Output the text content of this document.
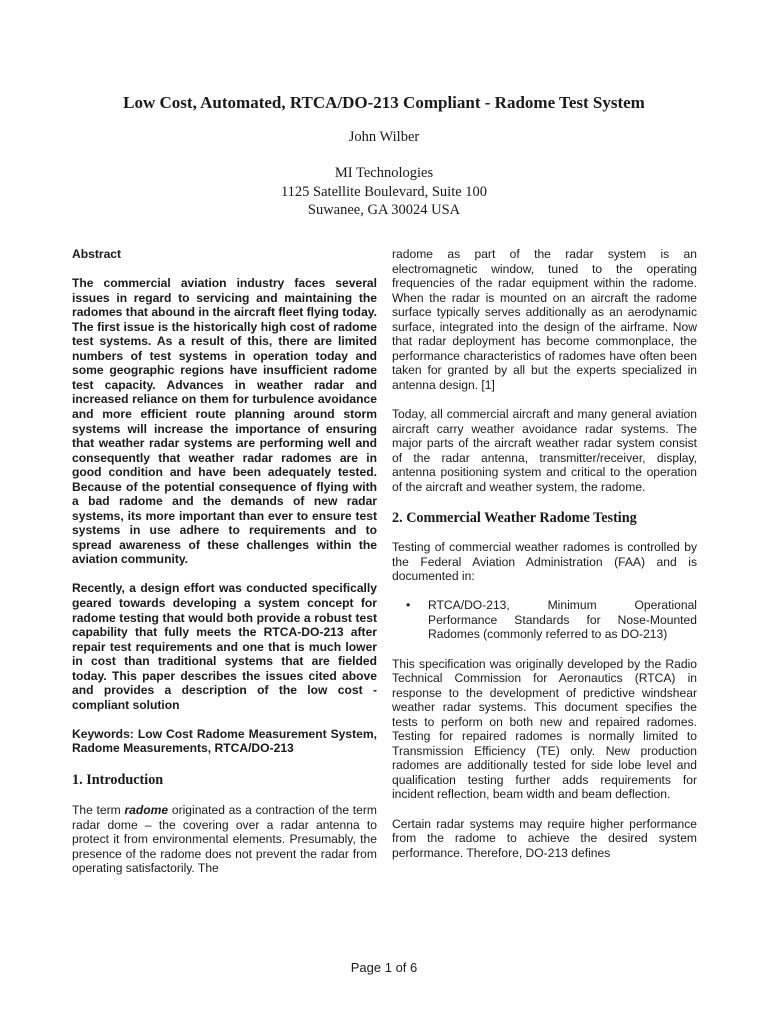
Low Cost, Automated, RTCA/DO-213 Compliant - Radome Test System
John Wilber
MI Technologies
1125 Satellite Boulevard, Suite 100
Suwanee, GA 30024 USA

Abstract

The commercial aviation industry faces several issues in regard to servicing and maintaining the radomes that abound in the aircraft fleet flying today. The first issue is the historically high cost of radome test systems. As a result of this, there are limited numbers of test systems in operation today and some geographic regions have insufficient radome test capacity. Advances in weather radar and increased reliance on them for turbulence avoidance and more efficient route planning around storm systems will increase the importance of ensuring that weather radar systems are performing well and consequently that weather radar radomes are in good condition and have been adequately tested. Because of the potential consequence of flying with a bad radome and the demands of new radar systems, its more important than ever to ensure test systems in use adhere to requirements and to spread awareness of these challenges within the aviation community.

Recently, a design effort was conducted specifically geared towards developing a system concept for radome testing that would both provide a robust test capability that fully meets the RTCA-DO-213 after repair test requirements and one that is much lower in cost than traditional systems that are fielded today. This paper describes the issues cited above and provides a description of the low cost - compliant solution

Keywords: Low Cost Radome Measurement System, Radome Measurements, RTCA/DO-213

1. Introduction

The term radome originated as a contraction of the term radar dome – the covering over a radar antenna to protect it from environmental elements. Presumably, the presence of the radome does not prevent the radar from operating satisfactorily. The

radome as part of the radar system is an electromagnetic window, tuned to the operating frequencies of the radar equipment within the radome. When the radar is mounted on an aircraft the radome surface typically serves additionally as an aerodynamic surface, integrated into the design of the airframe. Now that radar deployment has become commonplace, the performance characteristics of radomes have often been taken for granted by all but the experts specialized in antenna design. [1]

Today, all commercial aircraft and many general aviation aircraft carry weather avoidance radar systems. The major parts of the aircraft weather radar system consist of the radar antenna, transmitter/receiver, display, antenna positioning system and critical to the operation of the aircraft and weather system, the radome.

2. Commercial Weather Radome Testing

Testing of commercial weather radomes is controlled by the Federal Aviation Administration (FAA) and is documented in:

•	RTCA/DO-213, Minimum Operational Performance Standards for Nose-Mounted Radomes (commonly referred to as DO-213)

This specification was originally developed by the Radio Technical Commission for Aeronautics (RTCA) in response to the development of predictive windshear weather radar systems. This document specifies the tests to perform on both new and repaired radomes. Testing for repaired radomes is normally limited to Transmission Efficiency (TE) only. New production radomes are additionally tested for side lobe level and qualification testing further adds requirements for incident reflection, beam width and beam deflection.

Certain radar systems may require higher performance from the radome to achieve the desired system performance. Therefore, DO-213 defines

Page 1 of 6
